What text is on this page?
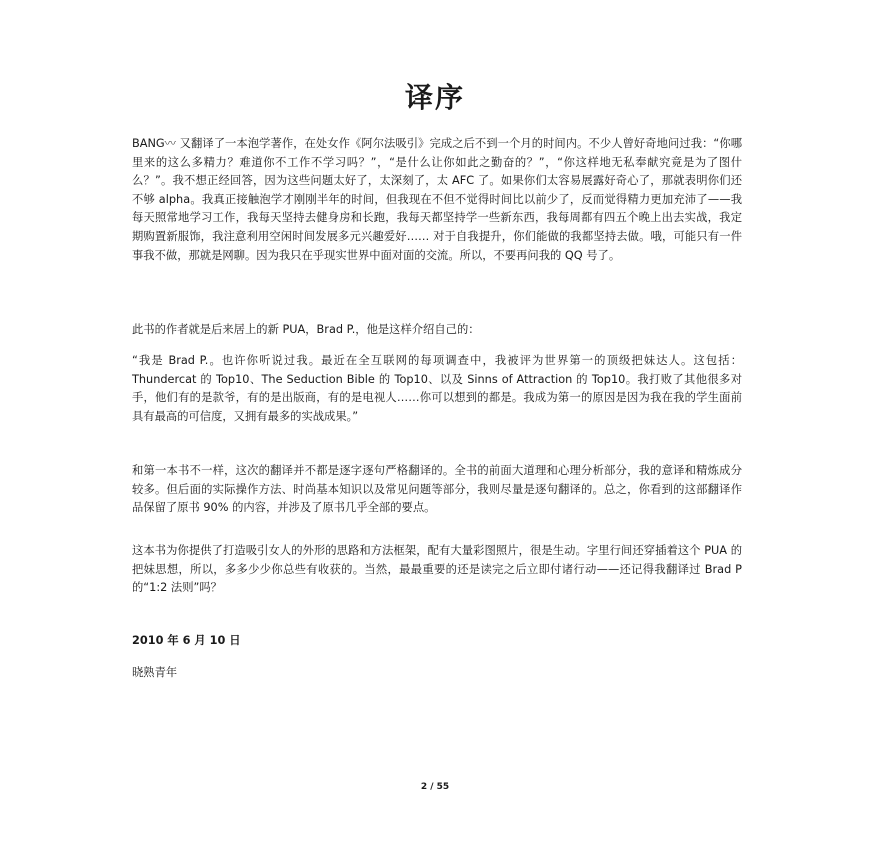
译序

BANG〰 又翻译了一本泡学著作，在处女作《阿尔法吸引》完成之后不到一个月的时间内。不少人曾好奇地问过我：“你哪里来的这么多精力？难道你不工作不学习吗？”，“是什么让你如此之勤奋的？”，“你这样地无私奉献究竟是为了图什么？”。我不想正经回答，因为这些问题太好了，太深刻了，太 AFC 了。如果你们太容易展露好奇心了，那就表明你们还不够 alpha。我真正接触泡学才刚刚半年的时间，但我现在不但不觉得时间比以前少了，反而觉得精力更加充沛了——我每天照常地学习工作，我每天坚持去健身房和长跑，我每天都坚持学一些新东西，我每周都有四五个晚上出去实战，我定期购置新服饰，我注意利用空闲时间发展多元兴趣爱好…… 对于自我提升，你们能做的我都坚持去做。哦，可能只有一件事我不做，那就是网聊。因为我只在乎现实世界中面对面的交流。所以，不要再问我的 QQ 号了。

此书的作者就是后来居上的新 PUA，Brad P.，他是这样介绍自己的：

“我是 Brad P.。也许你听说过我。最近在全互联网的每项调查中，我被评为世界第一的顶级把妹达人。这包括：Thundercat 的 Top10、The Seduction Bible 的 Top10、以及 Sinns of Attraction 的 Top10。我打败了其他很多对手，他们有的是款爷，有的是出版商，有的是电视人……你可以想到的都是。我成为第一的原因是因为我在我的学生面前具有最高的可信度，又拥有最多的实战成果。”

和第一本书不一样，这次的翻译并不都是逐字逐句严格翻译的。全书的前面大道理和心理分析部分，我的意译和精炼成分较多。但后面的实际操作方法、时尚基本知识以及常见问题等部分，我则尽量是逐句翻译的。总之，你看到的这部翻译作品保留了原书 90% 的内容，并涉及了原书几乎全部的要点。

这本书为你提供了打造吸引女人的外形的思路和方法框架，配有大量彩图照片，很是生动。字里行间还穿插着这个 PUA 的把妹思想，所以，多多少少你总些有收获的。当然，最最重要的还是读完之后立即付诸行动——还记得我翻译过 Brad P 的“1:2 法则”吗？

2010 年 6 月 10 日
晓熟青年
2 / 55
